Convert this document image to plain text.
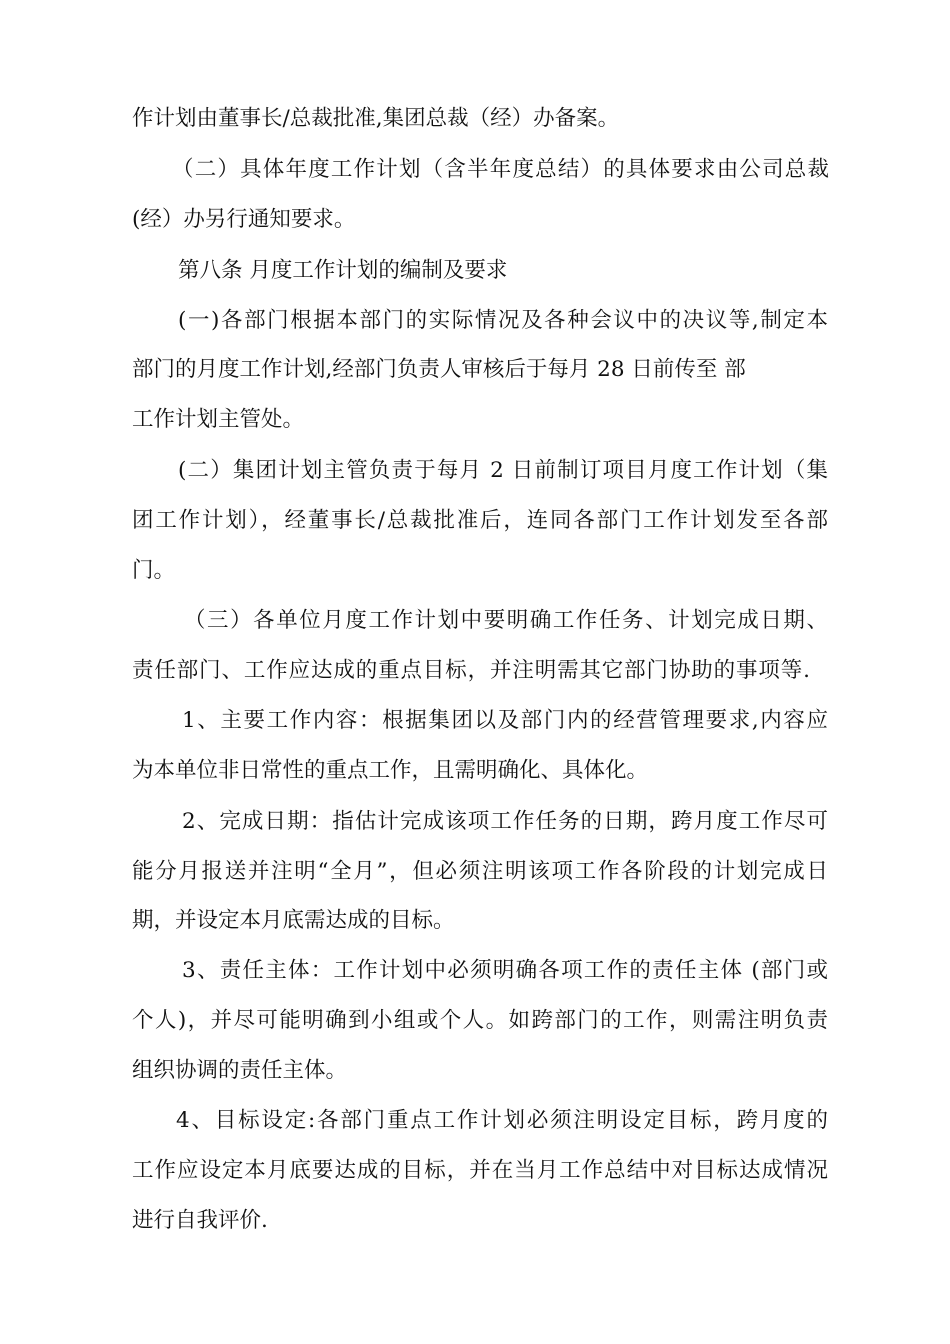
作计划由董事长/总裁批准,集团总裁（经）办备案。
（二）具体年度工作计划（含半年度总结）的具体要求由公司总裁
(经）办另行通知要求。
第八条 月度工作计划的编制及要求
(一)各部门根据本部门的实际情况及各种会议中的决议等,制定本
部门的月度工作计划,经部门负责人审核后于每月 28 日前传至 部
工作计划主管处。
(二）集团计划主管负责于每月 2 日前制订项目月度工作计划（集
团工作计划），经董事长/总裁批准后，连同各部门工作计划发至各部
门。
（三）各单位月度工作计划中要明确工作任务、计划完成日期、
责任部门、工作应达成的重点目标，并注明需其它部门协助的事项等.
1、主要工作内容：根据集团以及部门内的经营管理要求,内容应
为本单位非日常性的重点工作，且需明确化、具体化。
2、完成日期：指估计完成该项工作任务的日期，跨月度工作尽可
能分月报送并注明“全月”，但必须注明该项工作各阶段的计划完成日
期，并设定本月底需达成的目标。
3、责任主体：工作计划中必须明确各项工作的责任主体 (部门或
个人)，并尽可能明确到小组或个人。如跨部门的工作，则需注明负责
组织协调的责任主体。
4、目标设定:各部门重点工作计划必须注明设定目标，跨月度的
工作应设定本月底要达成的目标，并在当月工作总结中对目标达成情况
进行自我评价.
